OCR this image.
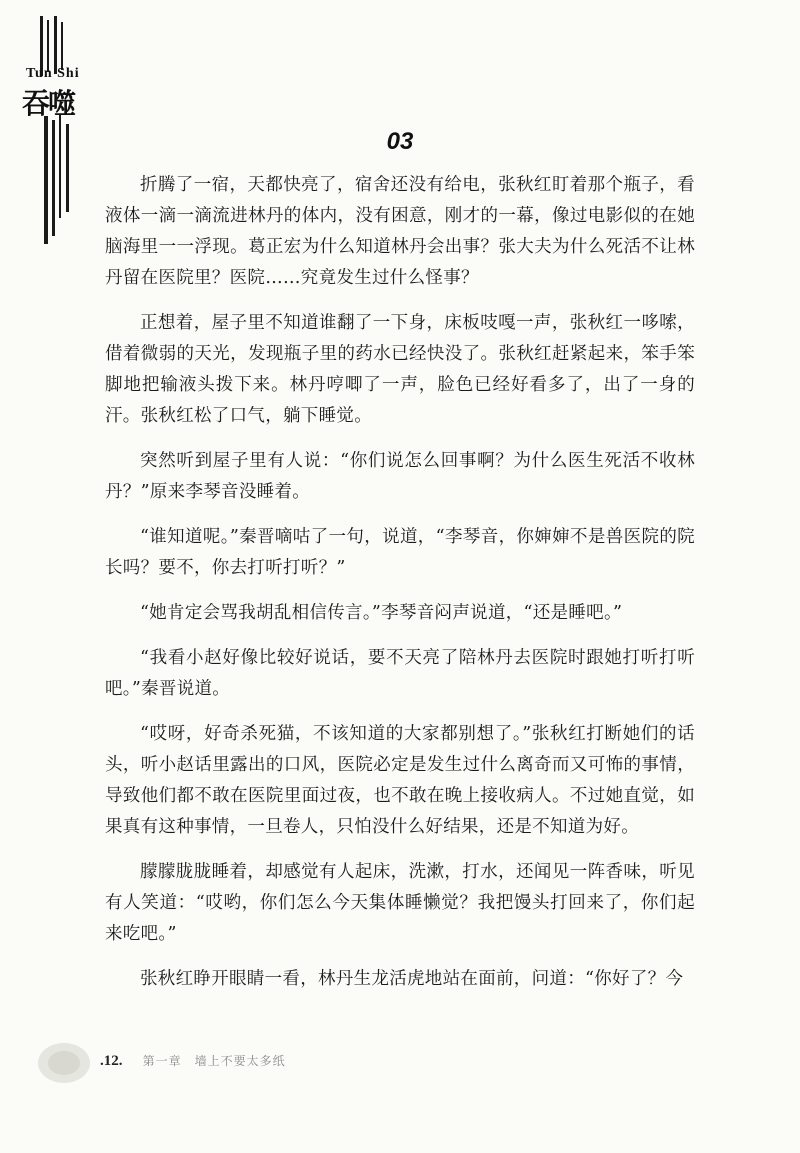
Tun Shi
吞噬
03

折腾了一宿，天都快亮了，宿舍还没有给电，张秋红盯着那个瓶子，看液体一滴一滴流进林丹的体内，没有困意，刚才的一幕，像过电影似的在她脑海里一一浮现。葛正宏为什么知道林丹会出事？张大夫为什么死活不让林丹留在医院里？医院……究竟发生过什么怪事？

正想着，屋子里不知道谁翻了一下身，床板吱嘎一声，张秋红一哆嗦，借着微弱的天光，发现瓶子里的药水已经快没了。张秋红赶紧起来，笨手笨脚地把输液头拨下来。林丹哼唧了一声，脸色已经好看多了，出了一身的汗。张秋红松了口气，躺下睡觉。

突然听到屋子里有人说：“你们说怎么回事啊？为什么医生死活不收林丹？”原来李琴音没睡着。

“谁知道呢。”秦晋嘀咕了一句，说道，“李琴音，你婶婶不是兽医院的院长吗？要不，你去打听打听？”

“她肯定会骂我胡乱相信传言。”李琴音闷声说道，“还是睡吧。”

“我看小赵好像比较好说话，要不天亮了陪林丹去医院时跟她打听打听吧。”秦晋说道。

“哎呀，好奇杀死猫，不该知道的大家都别想了。”张秋红打断她们的话头，听小赵话里露出的口风，医院必定是发生过什么离奇而又可怖的事情，导致他们都不敢在医院里面过夜，也不敢在晚上接收病人。不过她直觉，如果真有这种事情，一旦卷人，只怕没什么好结果，还是不知道为好。

朦朦胧胧睡着，却感觉有人起床，洗漱，打水，还闻见一阵香味，听见有人笑道：“哎哟，你们怎么今天集体睡懒觉？我把馒头打回来了，你们起来吃吧。”

张秋红睁开眼睛一看，林丹生龙活虎地站在面前，问道：“你好了？今

.12. 第一章　墙上不要太多纸
